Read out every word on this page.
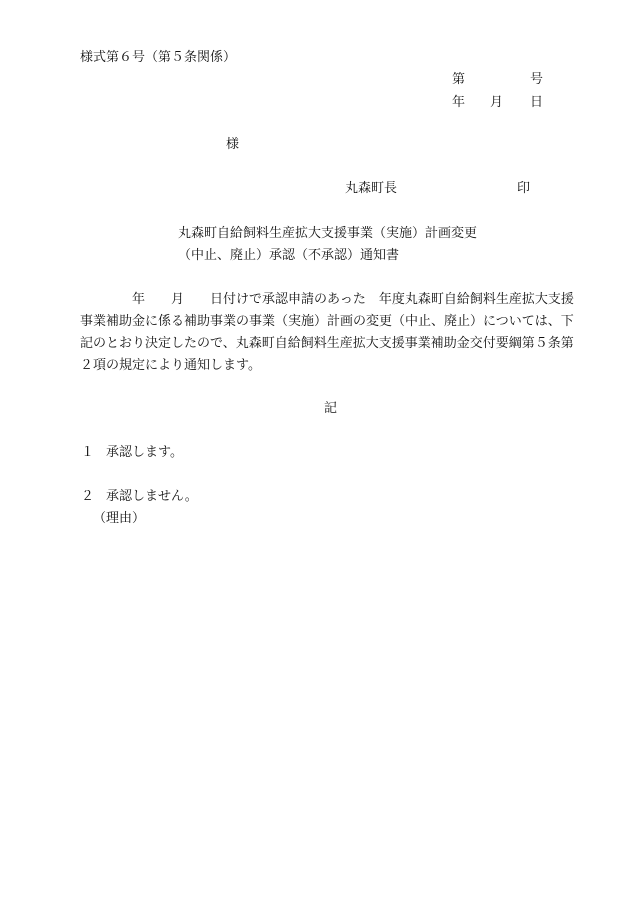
様式第６号（第５条関係）
第	号
年 月 日
様
丸森町長	印
丸森町自給飼料生産拡大支援事業（実施）計画変更
（中止、廃止）承認（不承認）通知書
年 月 日付けで承認申請のあった　年度丸森町自給飼料生産拡大支援
事業補助金に係る補助事業の事業（実施）計画の変更（中止、廃止）については、下
記のとおり決定したので、丸森町自給飼料生産拡大支援事業補助金交付要綱第５条第
２項の規定により通知します。
記
１ 承認します。
２ 承認しません。
（理由）
